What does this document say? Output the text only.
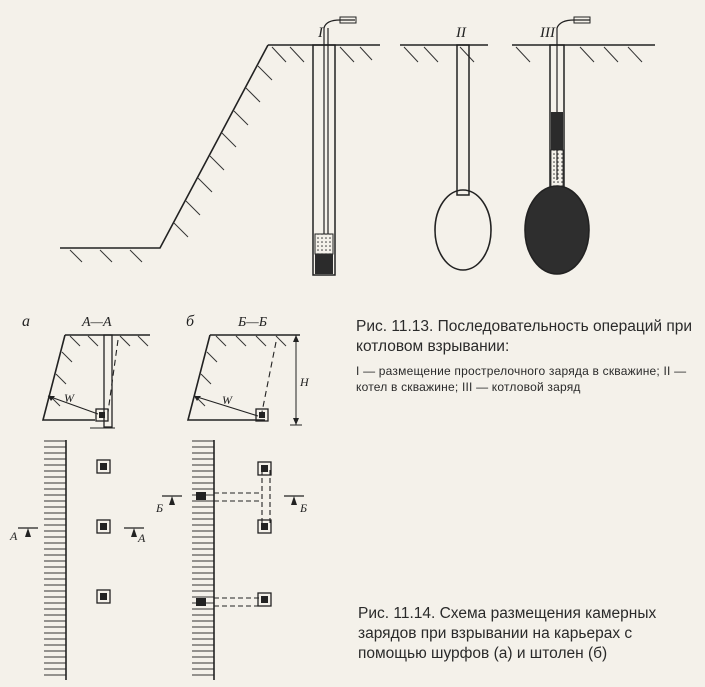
I	II	III
а	А—А	б	Б—Б
W	W
H
А	А
Б	Б
Рис. 11.13. Последовательность операций при котловом взрывании:
I — размещение прострелочного заряда в скважине; II — котел в скважине; III — котловой заряд
Рис. 11.14. Схема размещения камерных зарядов при взрывании на карьерах с помощью шурфов (а) и штолен (б)
